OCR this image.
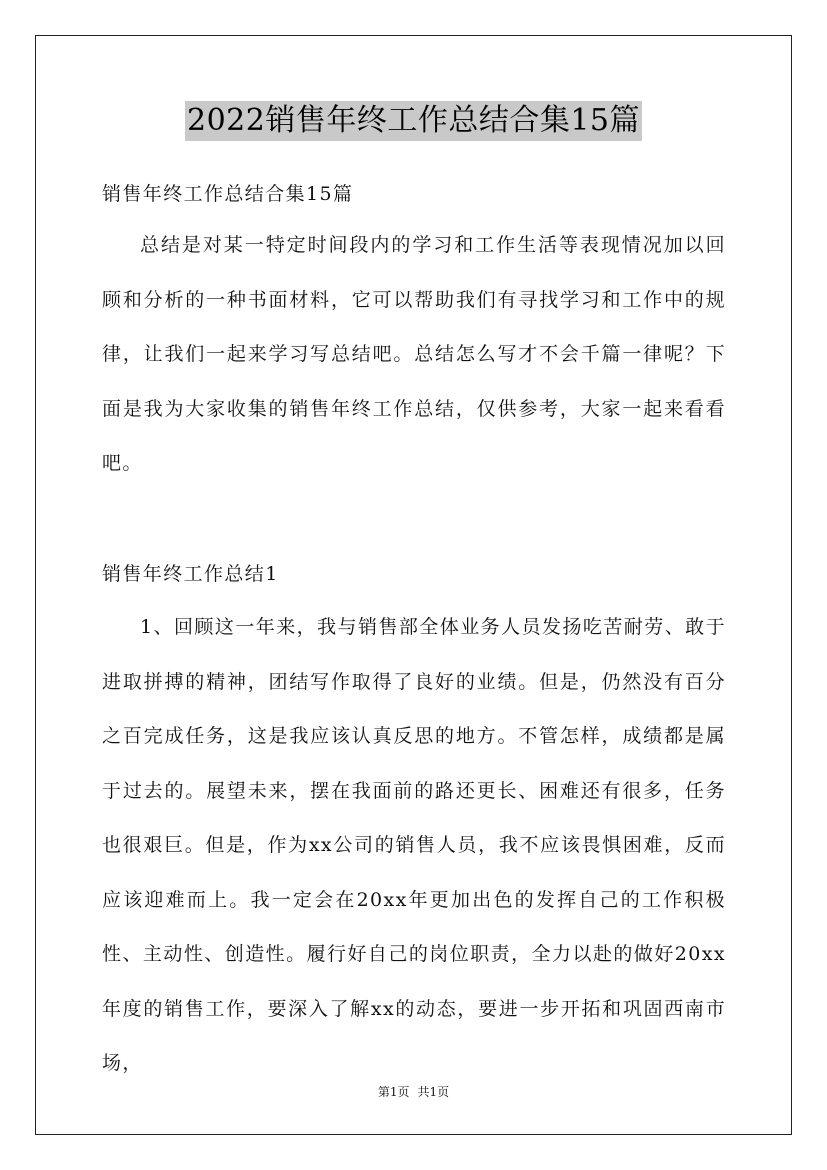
2022销售年终工作总结合集15篇
销售年终工作总结合集15篇

总结是对某一特定时间段内的学习和工作生活等表现情况加以回顾和分析的一种书面材料，它可以帮助我们有寻找学习和工作中的规律，让我们一起来学习写总结吧。总结怎么写才不会千篇一律呢？下面是我为大家收集的销售年终工作总结，仅供参考，大家一起来看看吧。

销售年终工作总结1

1、回顾这一年来，我与销售部全体业务人员发扬吃苦耐劳、敢于进取拼搏的精神，团结写作取得了良好的业绩。但是，仍然没有百分之百完成任务，这是我应该认真反思的地方。不管怎样，成绩都是属于过去的。展望未来，摆在我面前的路还更长、困难还有很多，任务也很艰巨。但是，作为xx公司的销售人员，我不应该畏惧困难，反而应该迎难而上。我一定会在20xx年更加出色的发挥自己的工作积极性、主动性、创造性。履行好自己的岗位职责，全力以赴的做好20xx年度的销售工作，要深入了解xx的动态，要进一步开拓和巩固西南市场，

第1页 共1页
